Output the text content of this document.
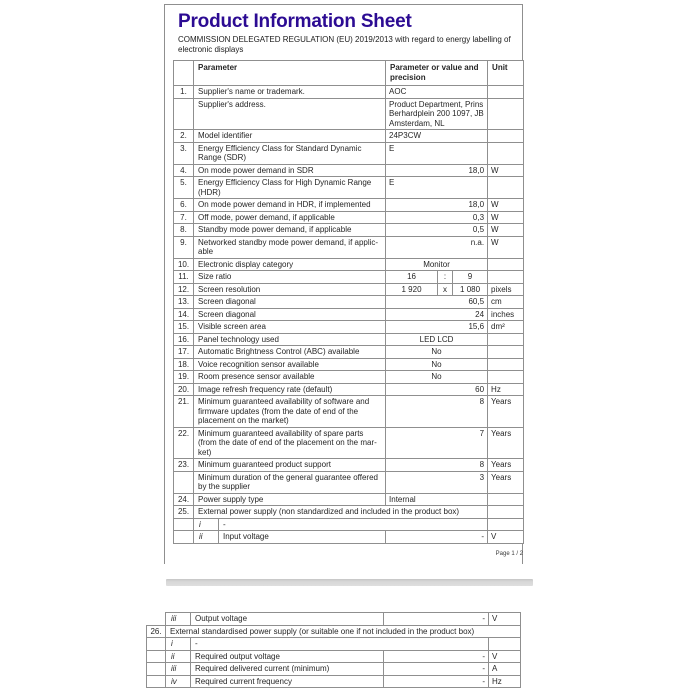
Product Information Sheet
COMMISSION DELEGATED REGULATION (EU) 2019/2013 with regard to energy labelling of electronic displays
	Parameter		Parameter or value and precision			Unit
1.	Supplier's name or trademark.		AOC			
	Supplier's address.		Product Department, Prins Berhardplein 200 1097, JB Amsterdam, NL			
2.	Model identifier		24P3CW			
3.	Energy Efficiency Class for Standard Dynamic Range (SDR)		E			
4.	On mode power demand in SDR		18,0			W
5.	Energy Efficiency Class for High Dynamic Range (HDR)		E			
6.	On mode power demand in HDR, if implemented		18,0			W
7.	Off mode, power demand, if applicable		0,3			W
8.	Standby mode power demand, if applicable		0,5			W
9.	Networked standby mode power demand, if applic-able		n.a.			W
10.	Electronic display category		Monitor			
11.	Size ratio		16	:	9	
12.	Screen resolution		1 920	x	1 080	pixels
13.	Screen diagonal		60,5			cm
14.	Screen diagonal		24			inches
15.	Visible screen area		15,6			dm²
16.	Panel technology used		LED LCD			
17.	Automatic Brightness Control (ABC) available		No			
18.	Voice recognition sensor available		No			
19.	Room presence sensor available		No			
20.	Image refresh frequency rate (default)		60			Hz
21.	Minimum guaranteed availability of software and firmware updates (from the date of end of the placement on the market)		8			Years
22.	Minimum guaranteed availability of spare parts (from the date of end of the placement on the mar-ket)		7			Years
23.	Minimum guaranteed product support		8			Years
	Minimum duration of the general guarantee offered by the supplier		3			Years
24.	Power supply type		Internal			
25.	External power supply (non standardized and included in the product box)					
	i	-				
	ii	Input voltage	-			V
Page 1 / 2
	iii	Output voltage	-	V
26.	External standardised power supply (or suitable one if not included in the product box)			
	i	-		
	ii	Required output voltage	-	V
	iii	Required delivered current (minimum)	-	A
	iv	Required current frequency	-	Hz
